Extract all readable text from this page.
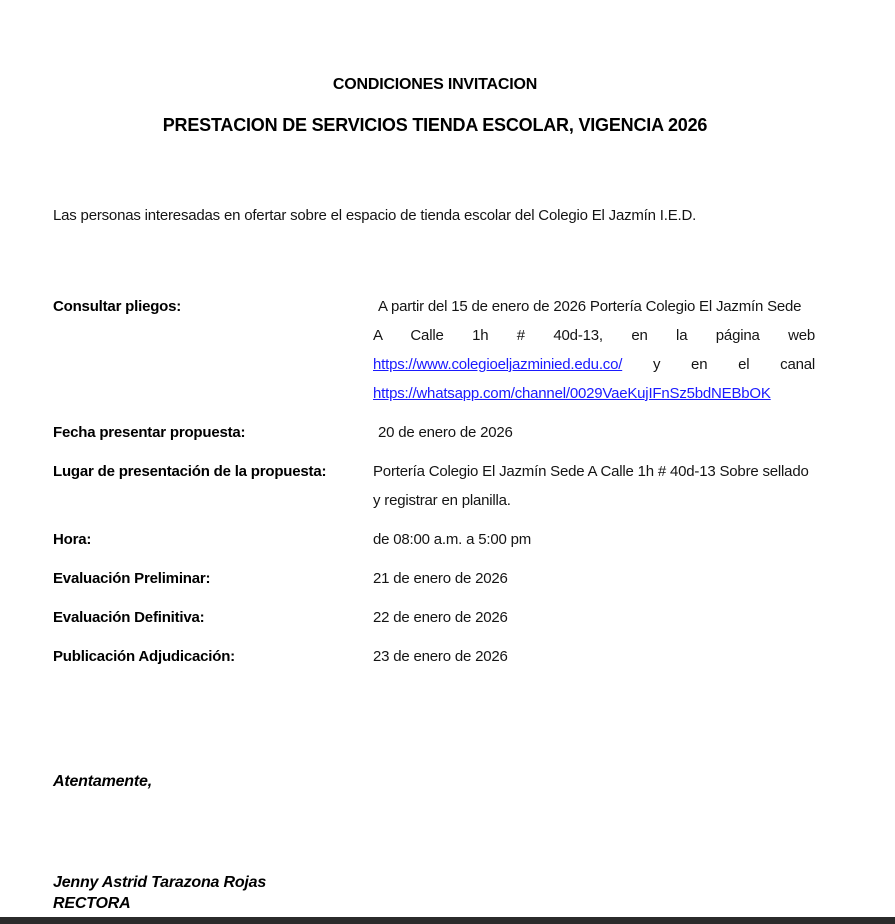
CONDICIONES INVITACION
PRESTACION DE SERVICIOS TIENDA ESCOLAR, VIGENCIA 2026

Las personas interesadas en ofertar sobre el espacio de tienda escolar del Colegio El Jazmín I.E.D.

Consultar pliegos:	A partir del 15 de enero de 2026 Portería Colegio El Jazmín Sede
A Calle 1h # 40d-13, en la página web
https://www.colegioeljazminied.edu.co/ y en el canal
https://whatsapp.com/channel/0029VaeKujIFnSz5bdNEBbOK
Fecha presentar propuesta:	20 de enero de 2026
Lugar de presentación de la propuesta:	Portería Colegio El Jazmín Sede A Calle 1h # 40d-13 Sobre sellado
y registrar en planilla.
Hora:	de 08:00 a.m. a 5:00 pm
Evaluación Preliminar:	21 de enero de 2026
Evaluación Definitiva:	22 de enero de 2026
Publicación Adjudicación:	23 de enero de 2026
Atentamente,
Jenny Astrid Tarazona Rojas
RECTORA
